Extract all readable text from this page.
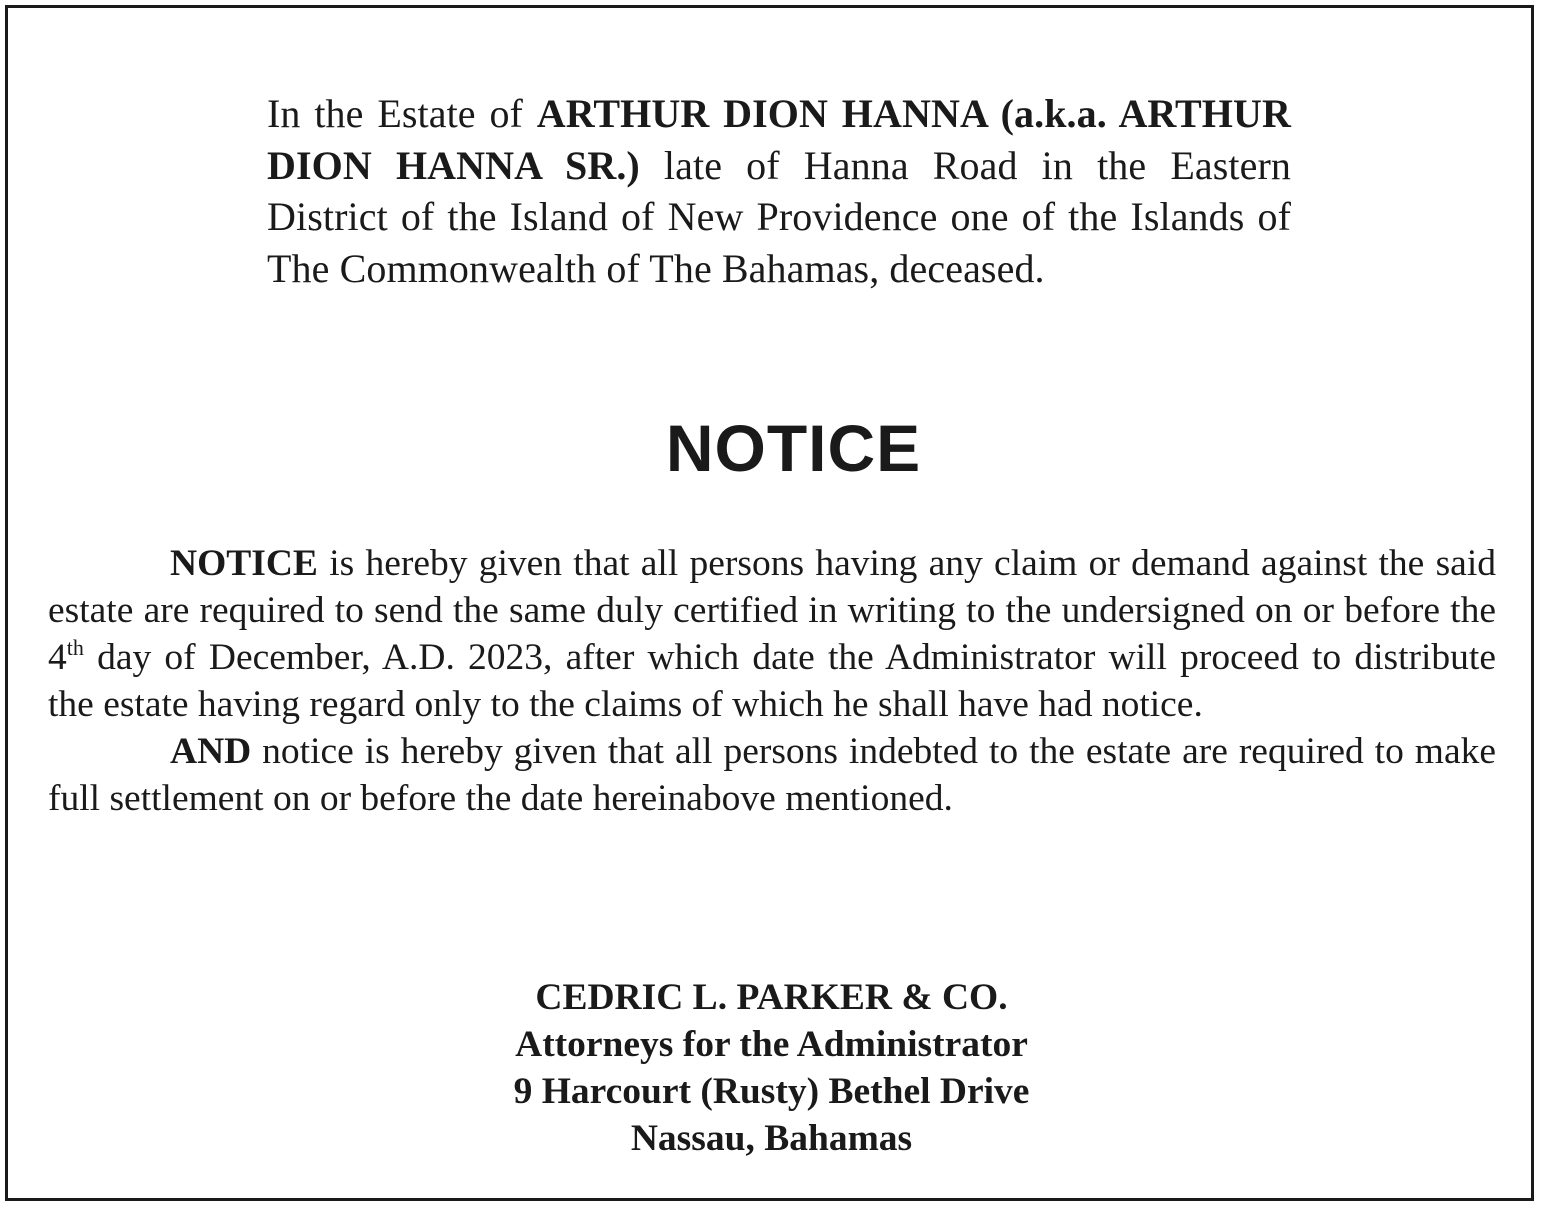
In the Estate of ARTHUR DION HANNA (a.k.a. ARTHUR DION HANNA SR.) late of Hanna Road in the Eastern District of the Island of New Providence one of the Islands of The Commonwealth of The Bahamas, deceased.
NOTICE

NOTICE is hereby given that all persons having any claim or demand against the said estate are required to send the same duly certified in writing to the undersigned on or before the 4th day of December, A.D. 2023, after which date the Administrator will proceed to distribute the estate having regard only to the claims of which he shall have had notice.

AND notice is hereby given that all persons indebted to the estate are required to make full settlement on or before the date hereinabove mentioned.

CEDRIC L. PARKER & CO.
Attorneys for the Administrator
9 Harcourt (Rusty) Bethel Drive
Nassau, Bahamas
